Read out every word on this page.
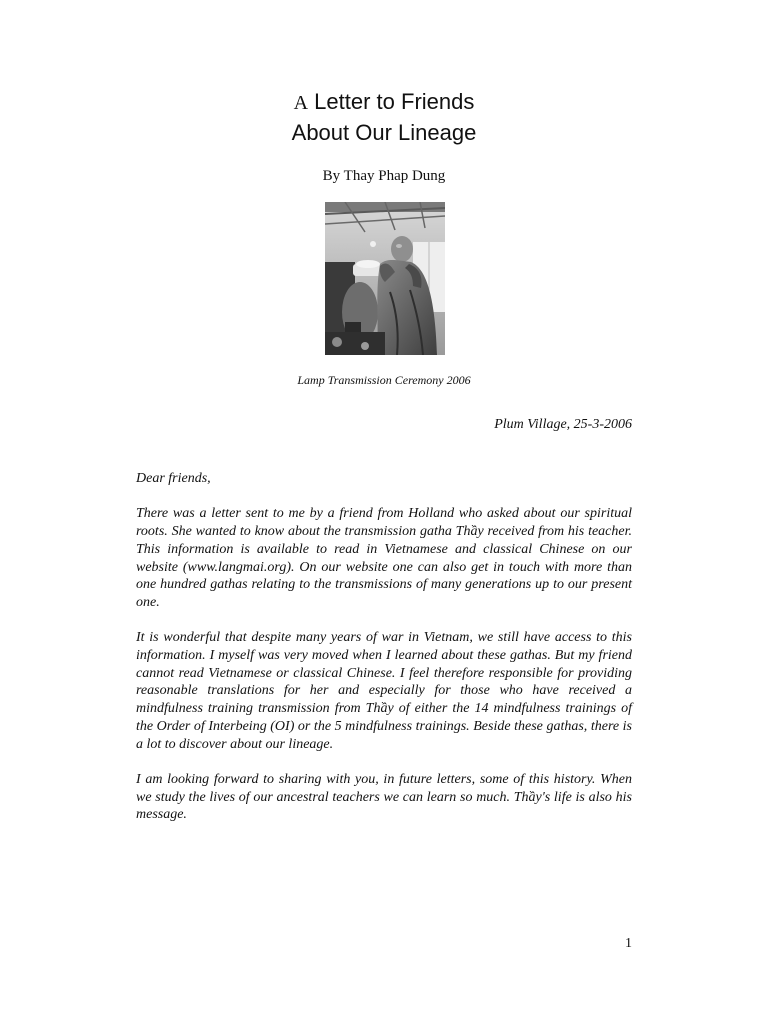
A Letter to Friends
About Our Lineage
By Thay Phap Dung
Lamp Transmission Ceremony 2006
Plum Village, 25-3-2006

Dear friends,

There was a letter sent to me by a friend from Holland who asked about our spiritual roots. She wanted to know about the transmission gatha Thầy received from his teacher. This information is available to read in Vietnamese and classical Chinese on our website (www.langmai.org). On our website one can also get in touch with more than one hundred gathas relating to the transmissions of many generations up to our present one.

It is wonderful that despite many years of war in Vietnam, we still have access to this information. I myself was very moved when I learned about these gathas. But my friend cannot read Vietnamese or classical Chinese. I feel therefore responsible for providing reasonable translations for her and especially for those who have received a mindfulness training transmission from Thầy of either the 14 mindfulness trainings of the Order of Interbeing (OI) or the 5 mindfulness trainings. Beside these gathas, there is a lot to discover about our lineage.

I am looking forward to sharing with you, in future letters, some of this history. When we study the lives of our ancestral teachers we can learn so much. Thầy's life is also his message.

1
